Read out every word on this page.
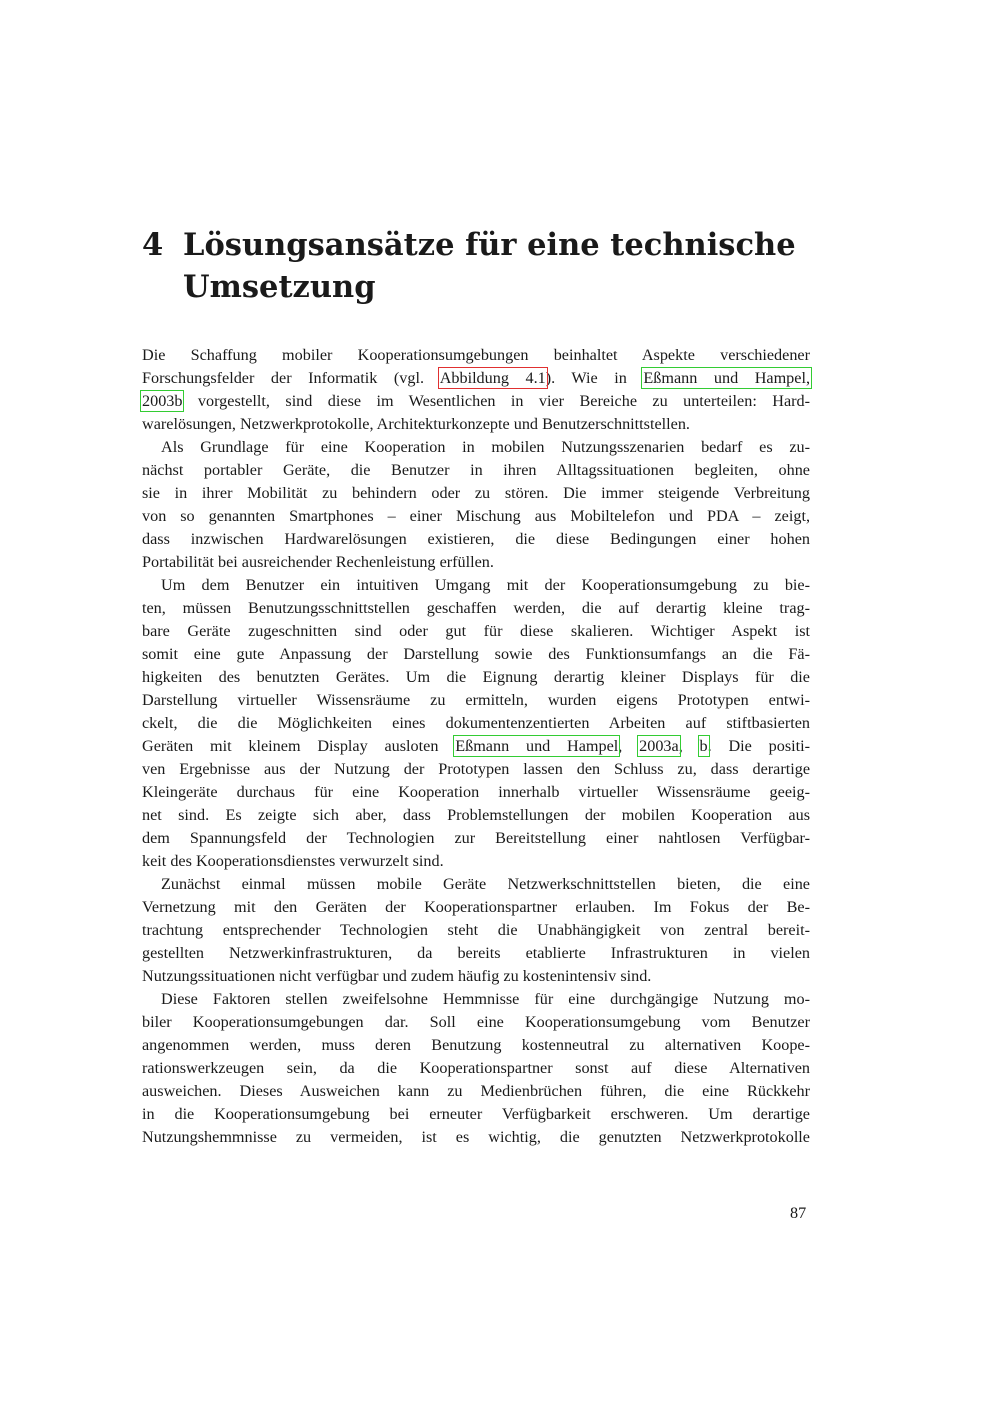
4 Lösungsansätze für eine technische
Umsetzung
Die Schaffung mobiler Kooperationsumgebungen beinhaltet Aspekte verschiedener
Forschungsfelder der Informatik (vgl. Abbildung 4.1). Wie in Eßmann und Hampel,
2003b vorgestellt, sind diese im Wesentlichen in vier Bereiche zu unterteilen: Hard-
warelösungen, Netzwerkprotokolle, Architekturkonzepte und Benutzerschnittstellen.
Als Grundlage für eine Kooperation in mobilen Nutzungsszenarien bedarf es zu-
nächst portabler Geräte, die Benutzer in ihren Alltagssituationen begleiten, ohne
sie in ihrer Mobilität zu behindern oder zu stören. Die immer steigende Verbreitung
von so genannten Smartphones – einer Mischung aus Mobiltelefon und PDA – zeigt,
dass inzwischen Hardwarelösungen existieren, die diese Bedingungen einer hohen
Portabilität bei ausreichender Rechenleistung erfüllen.
Um dem Benutzer ein intuitiven Umgang mit der Kooperationsumgebung zu bie-
ten, müssen Benutzungsschnittstellen geschaffen werden, die auf derartig kleine trag-
bare Geräte zugeschnitten sind oder gut für diese skalieren. Wichtiger Aspekt ist
somit eine gute Anpassung der Darstellung sowie des Funktionsumfangs an die Fä-
higkeiten des benutzten Gerätes. Um die Eignung derartig kleiner Displays für die
Darstellung virtueller Wissensräume zu ermitteln, wurden eigens Prototypen entwi-
ckelt, die die Möglichkeiten eines dokumentenzentierten Arbeiten auf stiftbasierten
Geräten mit kleinem Display ausloten Eßmann und Hampel, 2003a, b. Die positi-
ven Ergebnisse aus der Nutzung der Prototypen lassen den Schluss zu, dass derartige
Kleingeräte durchaus für eine Kooperation innerhalb virtueller Wissensräume geeig-
net sind. Es zeigte sich aber, dass Problemstellungen der mobilen Kooperation aus
dem Spannungsfeld der Technologien zur Bereitstellung einer nahtlosen Verfügbar-
keit des Kooperationsdienstes verwurzelt sind.
Zunächst einmal müssen mobile Geräte Netzwerkschnittstellen bieten, die eine
Vernetzung mit den Geräten der Kooperationspartner erlauben. Im Fokus der Be-
trachtung entsprechender Technologien steht die Unabhängigkeit von zentral bereit-
gestellten Netzwerkinfrastrukturen, da bereits etablierte Infrastrukturen in vielen
Nutzungssituationen nicht verfügbar und zudem häufig zu kostenintensiv sind.
Diese Faktoren stellen zweifelsohne Hemmnisse für eine durchgängige Nutzung mo-
biler Kooperationsumgebungen dar. Soll eine Kooperationsumgebung vom Benutzer
angenommen werden, muss deren Benutzung kostenneutral zu alternativen Koope-
rationswerkzeugen sein, da die Kooperationspartner sonst auf diese Alternativen
ausweichen. Dieses Ausweichen kann zu Medienbrüchen führen, die eine Rückkehr
in die Kooperationsumgebung bei erneuter Verfügbarkeit erschweren. Um derartige
Nutzungshemmnisse zu vermeiden, ist es wichtig, die genutzten Netzwerkprotokolle
87
